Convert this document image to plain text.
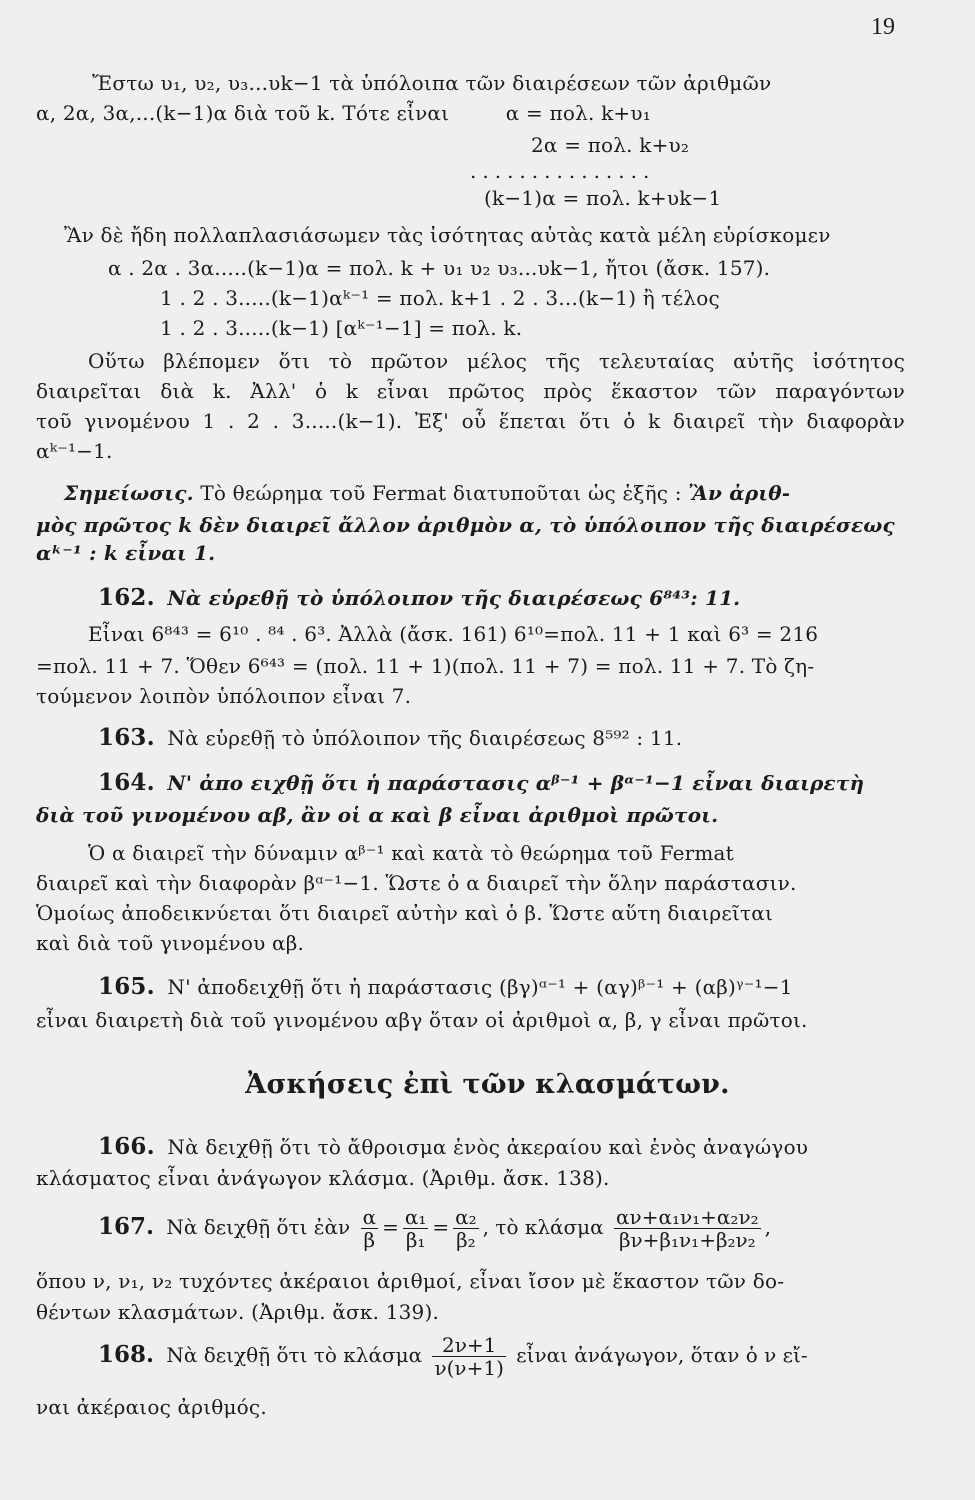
19
Ἔστω υ₁, υ₂, υ₃...υk−1 τὰ ὑπόλοιπα τῶν διαιρέσεων τῶν ἀριθμῶν
α, 2α, 3α,...(k−1)α διὰ τοῦ k. Τότε εἶναι	α = πολ. k+υ₁
2α = πολ. k+υ₂
...............
(k−1)α = πολ. k+υk−1
Ἂν δὲ ἤδη πολλαπλασιάσωμεν τὰς ἰσότητας αὐτὰς κατὰ μέλη εὑρίσκομεν
α . 2α . 3α.....(k−1)α = πολ. k + υ₁ υ₂ υ₃...υk−1, ἤτοι (ἄσκ. 157).
1 . 2 . 3.....(k−1)αᵏ⁻¹ = πολ. k+1 . 2 . 3...(k−1) ἢ τέλος
1 . 2 . 3.....(k−1) [αᵏ⁻¹−1] = πολ. k.
Οὕτω βλέπομεν ὅτι τὸ πρῶτον μέλος τῆς τελευταίας αὐτῆς ἰσότητος
διαιρεῖται διὰ k. Ἀλλ' ὁ k εἶναι πρῶτος πρὸς ἕκαστον τῶν παραγόντων
τοῦ γινομένου 1 . 2 . 3.....(k−1). Ἐξ' οὗ ἕπεται ὅτι ὁ k διαιρεῖ τὴν διαφορὰν
αᵏ⁻¹−1.
Σημείωσις. Τὸ θεώρημα τοῦ Fermat διατυποῦται ὡς ἑξῆς : Ἂν ἀριθ-
μὸς πρῶτος k δὲν διαιρεῖ ἄλλον ἀριθμὸν α, τὸ ὑπόλοιπον τῆς διαιρέσεως
αᵏ⁻¹ : k εἶναι 1.
162. Νὰ εὑρεθῇ τὸ ὑπόλοιπον τῆς διαιρέσεως 6⁸⁴³: 11.
Εἶναι 6⁸⁴³ = 6¹⁰ . ⁸⁴ . 6³. Ἀλλὰ (ἄσκ. 161) 6¹⁰=πολ. 11 + 1 καὶ 6³ = 216
=πολ. 11 + 7. Ὅθεν 6⁶⁴³ = (πολ. 11 + 1)(πολ. 11 + 7) = πολ. 11 + 7. Τὸ ζη-
τούμενον λοιπὸν ὑπόλοιπον εἶναι 7.
163. Νὰ εὑρεθῇ τὸ ὑπόλοιπον τῆς διαιρέσεως 8⁵⁹² : 11.
164. Ν' ἀπο ειχθῇ ὅτι ἡ παράστασις αᵝ⁻¹ + βᵅ⁻¹−1 εἶναι διαιρετὴ
διὰ τοῦ γινομένου αβ, ἂν οἱ α καὶ β εἶναι ἀριθμοὶ πρῶτοι.
Ὁ α διαιρεῖ τὴν δύναμιν αᵝ⁻¹ καὶ κατὰ τὸ θεώρημα τοῦ Fermat
διαιρεῖ καὶ τὴν διαφορὰν βᵅ⁻¹−1. Ὥστε ὁ α διαιρεῖ τὴν ὅλην παράστασιν.
Ὁμοίως ἀποδεικνύεται ὅτι διαιρεῖ αὐτὴν καὶ ὁ β. Ὥστε αὕτη διαιρεῖται
καὶ διὰ τοῦ γινομένου αβ.
165. Ν' ἀποδειχθῇ ὅτι ἡ παράστασις (βγ)ᵅ⁻¹ + (αγ)ᵝ⁻¹ + (αβ)ᵞ⁻¹−1
εἶναι διαιρετὴ διὰ τοῦ γινομένου αβγ ὅταν οἱ ἀριθμοὶ α, β, γ εἶναι πρῶτοι.
Ἀσκήσεις ἐπὶ τῶν κλασμάτων.
166. Νὰ δειχθῇ ὅτι τὸ ἄθροισμα ἑνὸς ἀκεραίου καὶ ἑνὸς ἀναγώγου
κλάσματος εἶναι ἀνάγωγον κλάσμα. (Ἀριθμ. ἄσκ. 138).
167. Νὰ δειχθῇ ὅτι ἐὰν $\frac{\alpha}{\beta} = \frac{\text{α₁}}{\text{β₁}} = \frac{\text{α₂}}{\text{β₂}}$ , τὸ κλάσμα $\frac{\text{αν+α₁ν₁+α₂ν₂}}{\text{βν+β₁ν₁+β₂ν₂}}$ ,
ὅπου ν, ν₁, ν₂ τυχόντες ἀκέραιοι ἀριθμοί, εἶναι ἴσον μὲ ἕκαστον τῶν δο-
θέντων κλασμάτων. (Ἀριθμ. ἄσκ. 139).
168. Νὰ δειχθῇ ὅτι τὸ κλάσμα $\frac{2\nu+1}{\nu(\nu+1)}$ εἶναι ἀνάγωγον, ὅταν ὁ ν εἴ-
ναι ἀκέραιος ἀριθμός.
